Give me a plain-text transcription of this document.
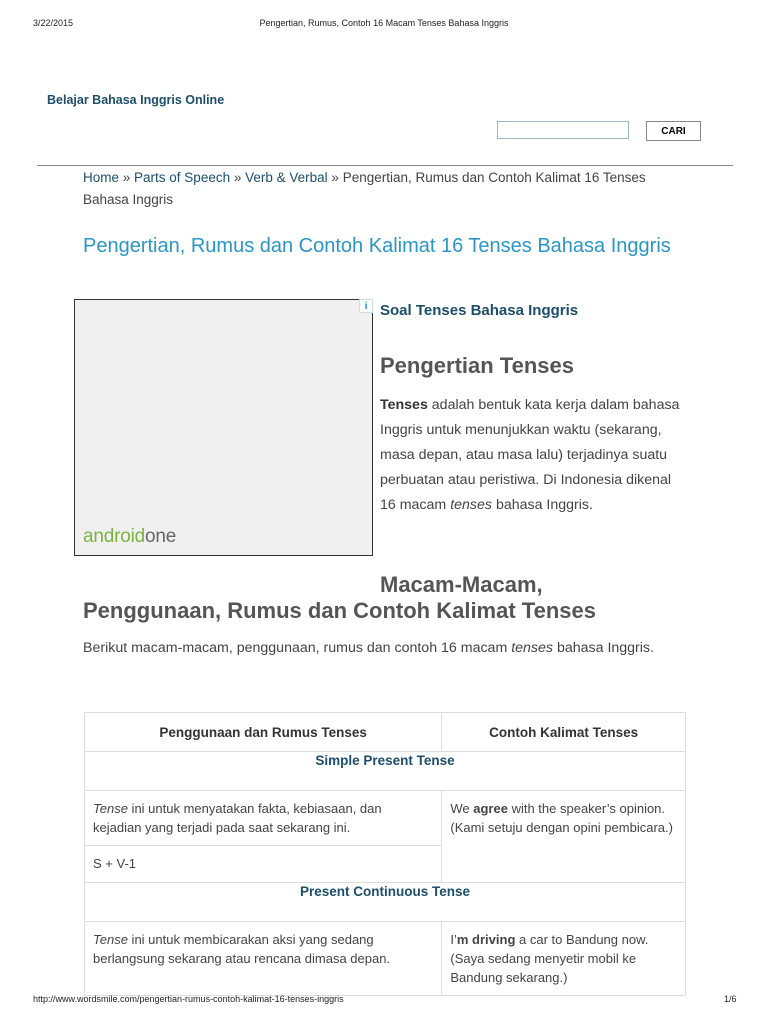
3/22/2015	Pengertian, Rumus, Contoh 16 Macam Tenses Bahasa Inggris
Belajar Bahasa Inggris Online
CARI
Home » Parts of Speech » Verb & Verbal » Pengertian, Rumus dan Contoh Kalimat 16 Tenses Bahasa Inggris
Pengertian, Rumus dan Contoh Kalimat 16 Tenses Bahasa Inggris
i
androidone
Soal Tenses Bahasa Inggris
Pengertian Tenses

Tenses adalah bentuk kata kerja dalam bahasa Inggris untuk menunjukkan waktu (sekarang, masa depan, atau masa lalu) terjadinya suatu perbuatan atau peristiwa. Di Indonesia dikenal 16 macam tenses bahasa Inggris.

Macam-Macam,
Penggunaan, Rumus dan Contoh Kalimat Tenses

Berikut macam-macam, penggunaan, rumus dan contoh 16 macam tenses bahasa Inggris.

Penggunaan dan Rumus Tenses	Contoh Kalimat Tenses
Simple Present Tense	
Tense ini untuk menyatakan fakta, kebiasaan, dan kejadian yang terjadi pada saat sekarang ini.	We agree with the speaker’s opinion.
(Kami setuju dengan opini pembicara.)
S + V-1	
Present Continuous Tense	
Tense ini untuk membicarakan aksi yang sedang berlangsung sekarang atau rencana dimasa depan.	I’m driving a car to Bandung now.
(Saya sedang menyetir mobil ke Bandung sekarang.)
http://www.wordsmile.com/pengertian-rumus-contoh-kalimat-16-tenses-inggris	1/6
